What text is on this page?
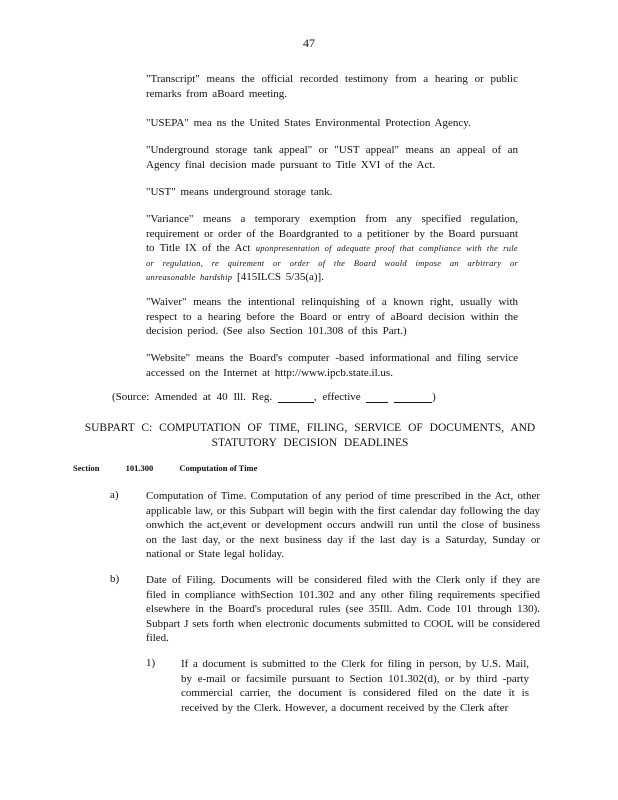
47
"Transcript" means the official recorded testimony from a hearing or public remarks from aBoard meeting.
"USEPA" mea ns the United States Environmental Protection Agency.
"Underground storage tank appeal" or "UST appeal" means an appeal of an Agency final decision made pursuant to Title XVI of the Act.
"UST" means underground storage tank.
"Variance" means a temporary exemption from any specified regulation, requirement or order of the Boardgranted to a petitioner by the Board pursuant to Title IX of the Act uponpresentation of adequate proof that compliance with the rule or regulation, re quirement or order of the Board would impose an arbitrary or unreasonable hardship [415ILCS 5/35(a)].
"Waiver" means the intentional relinquishing of a known right, usually with respect to a hearing before the Board or entry of aBoard decision within the decision period. (See also Section 101.308 of this Part.)
"Website" means the Board's computer -based informational and filing service accessed on the Internet at http://www.ipcb.state.il.us.
(Source: Amended at 40 Ill. Reg.	, effective	)
SUBPART C: COMPUTATION OF TIME, FILING, SERVICE OF DOCUMENTS, AND
STATUTORY DECISION DEADLINES
Section	101.300	Computation of Time
a) Computation of Time. Computation of any period of time prescribed in the Act, other applicable law, or this Subpart will begin with the first calendar day following the day onwhich the act,event or development occurs andwill run until the close of business on the last day, or the next business day if the last day is a Saturday, Sunday or national or State legal holiday.
b) Date of Filing. Documents will be considered filed with the Clerk only if they are filed in compliance withSection 101.302 and any other filing requirements specified elsewhere in the Board's procedural rules (see 35Ill. Adm. Code 101 through 130). Subpart J sets forth when electronic documents submitted to COOL will be considered filed.
1) If a document is submitted to the Clerk for filing in person, by U.S. Mail, by e-mail or facsimile pursuant to Section 101.302(d), or by third -party commercial carrier, the document is considered filed on the date it is received by the Clerk. However, a document received by the Clerk after
